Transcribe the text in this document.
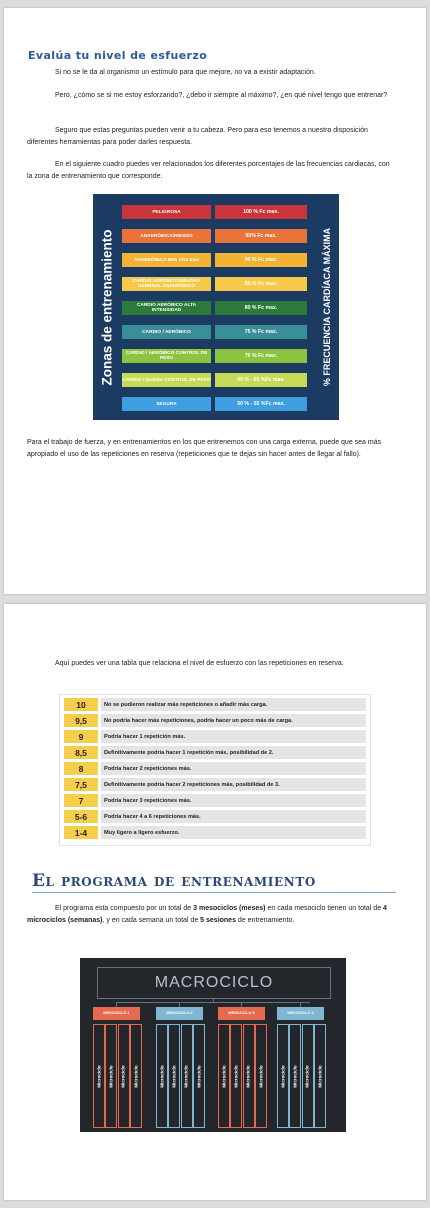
Evalúa tu nivel de esfuerzo
Si no se le da al organismo un estímulo para que mejore, no va a existir adaptación.
Pero, ¿cómo se si me estoy esforzando?, ¿debo ir siempre al máximo?, ¿en qué nivel tengo que entrenar?
Seguro que estas preguntas pueden venir a tu cabeza. Pero para eso tenemos a nuestra disposición diferentes herramientas para poder darles respuesta.
En el siguiente cuadro puedes ver relacionados los diferentes porcentajes de las frecuencias cardiacas, con la zona de entrenamiento que corresponde.
Zonas de entrenamiento	% FRECUENCIA CARDÍACA MÁXIMA
PELIGROSA	100 % Fc max.
ANAERÓBICA/RIESGO	95% Fc max.
ANAERÓBICA 85% VO2 max	90 % Fc max.
CARDIO AERÓBICO/MEJORA GENERAL ANAERÓBICO	85 % Fc max.
CARDIO AERÓBICO ALTA INTENSIDAD	80 % Fc max.
CARDIO / AERÓBICO	75 % Fc max.
CARDIO / AERÓBICO CONTROL DE PESO	70 % Fc max.
CARDIO / QUEMA CONTROL DE PESO	60 % - 65 %Fc max.
SEGURA	50 % - 55 %Fc max.
Para el trabajo de fuerza, y en entrenamientos en los que entrenemos con una carga externa, puede que sea más apropiado el uso de las repeticiones en reserva (repeticiones que te dejas sin hacer antes de llegar al fallo).
Aquí puedes ver una tabla que relaciona el nivel de esfuerzo con las repeticiones en reserva.
10	No se pudieron realizar más repeticiones o añadir más carga.
9,5	No podría hacer más repeticiones, podría hacer un poco más de carga.
9	Podría hacer 1 repetición más.
8,5	Definitivamente podría hacer 1 repetición más, posibilidad de 2.
8	Podría hacer 2 repeticiones más.
7,5	Definitivamente podría hacer 2 repeticiones más, posibilidad de 3.
7	Podría hacer 3 repeticiones más.
5-6	Podría hacer 4 a 6 repeticiones más.
1-4	Muy ligero a ligero esfuerzo.
El programa de entrenamiento
El programa esta compuesto por un total de 3 mesociclos (meses) en cada mesociclo tienen un total de 4 microciclos (semanas), y en cada semana un total de 5 sesiones de entrenamiento.
MACROCICLO
MESOCICLO 1
Microciclo Microciclo Microciclo Microciclo
MESOCICLO 2
Microciclo Microciclo Microciclo Microciclo
MESOCICLO 3
Microciclo Microciclo Microciclo Microciclo
MESOCICLO 4
Microciclo Microciclo Microciclo Microciclo
